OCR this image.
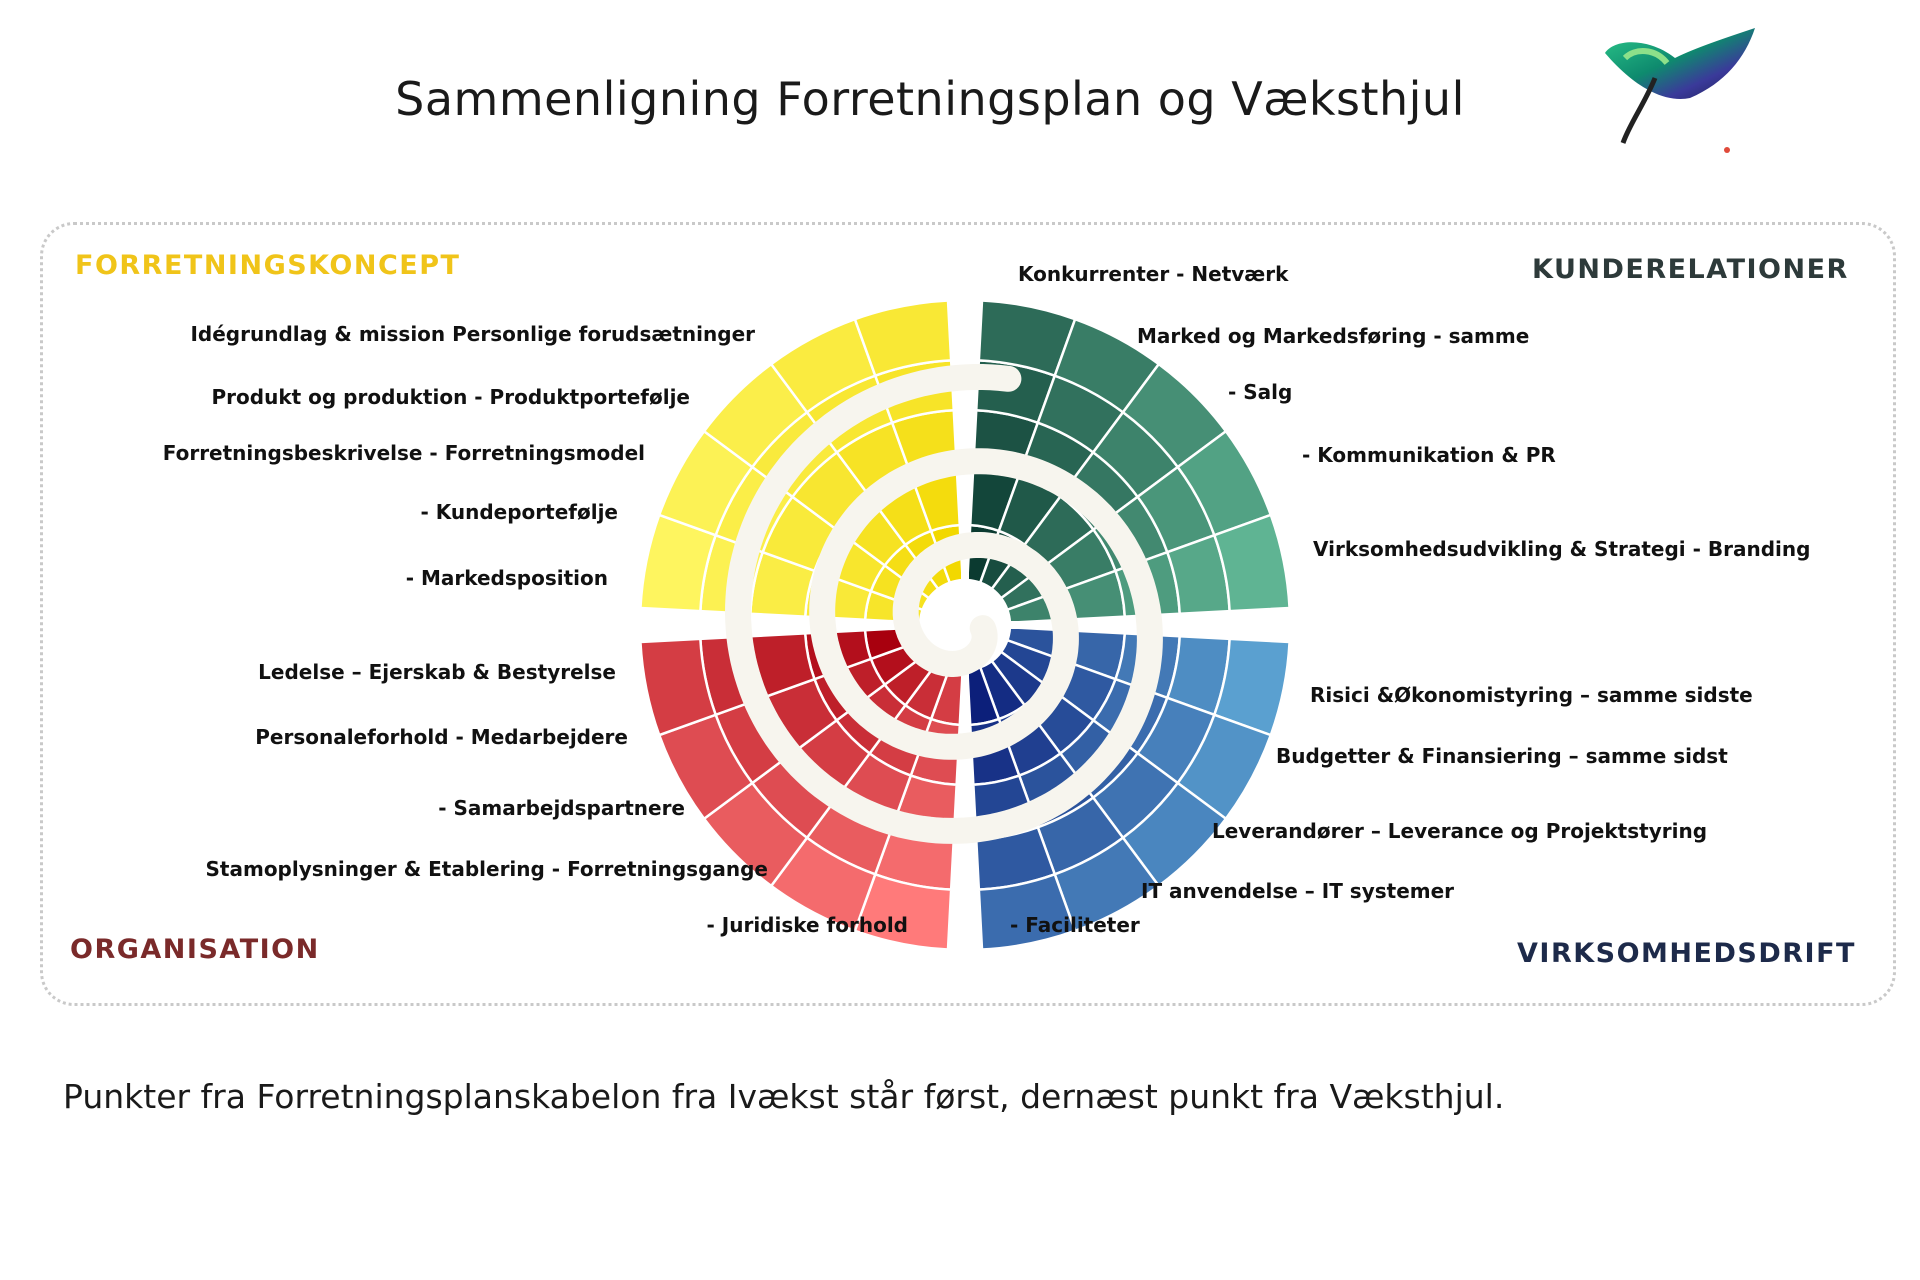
Sammenligning Forretningsplan og Væksthjul
FORRETNINGSKONCEPT	KUNDERELATIONER
ORGANISATION	VIRKSOMHEDSDRIFT
Idégrundlag & mission Personlige forudsætninger
Produkt og produktion - Produktportefølje
Forretningsbeskrivelse - Forretningsmodel
- Kundeportefølje
- Markedsposition
Konkurrenter - Netværk
Marked og Markedsføring - samme
- Salg
- Kommunikation & PR
Virksomhedsudvikling & Strategi - Branding
Ledelse – Ejerskab & Bestyrelse
Personaleforhold - Medarbejdere
- Samarbejdspartnere
Stamoplysninger & Etablering - Forretningsgange
- Juridiske forhold
Risici &Økonomistyring – samme sidste
Budgetter & Finansiering – samme sidst
Leverandører – Leverance og Projektstyring
IT anvendelse – IT systemer
- Faciliteter
Punkter fra Forretningsplanskabelon fra Ivækst står først, dernæst punkt fra Væksthjul.
